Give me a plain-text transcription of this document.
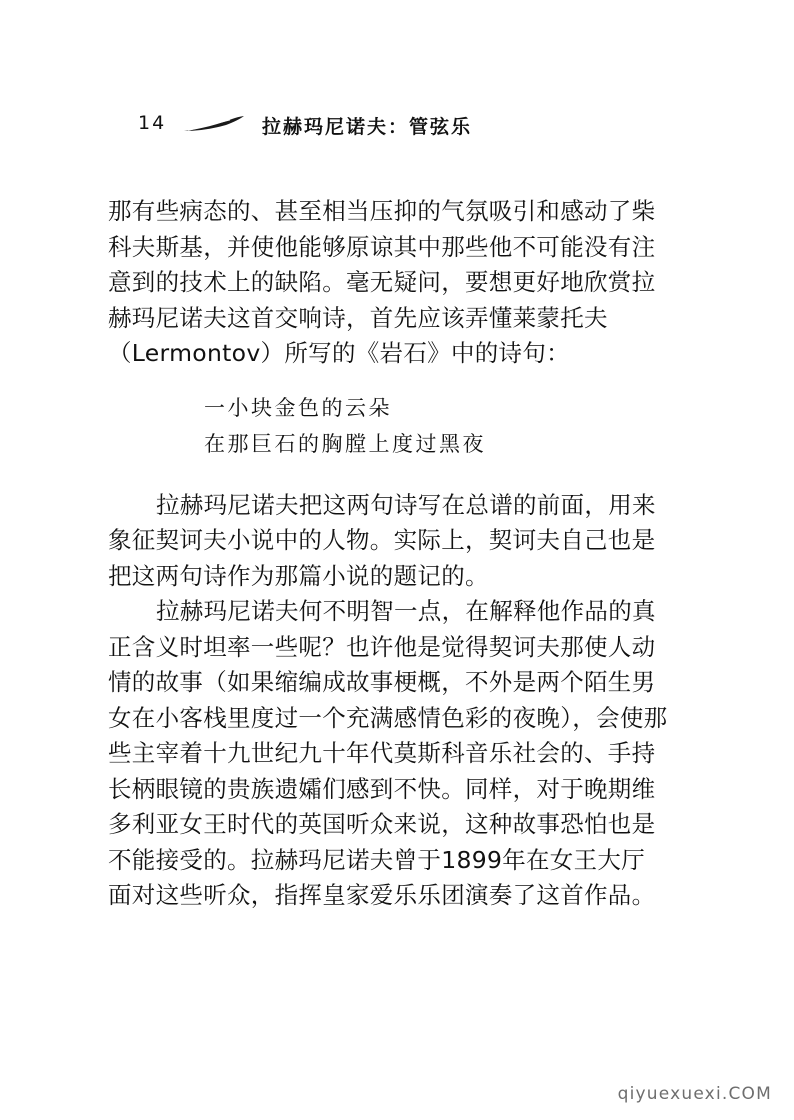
14	拉赫玛尼诺夫：管弦乐

那有些病态的、甚至相当压抑的气氛吸引和感动了柴科夫斯基，并使他能够原谅其中那些他不可能没有注意到的技术上的缺陷。毫无疑问，要想更好地欣赏拉赫玛尼诺夫这首交响诗，首先应该弄懂莱蒙托夫（Lermontov）所写的《岩石》中的诗句：

一小块金色的云朵
在那巨石的胸膛上度过黑夜

拉赫玛尼诺夫把这两句诗写在总谱的前面，用来象征契诃夫小说中的人物。实际上，契诃夫自己也是把这两句诗作为那篇小说的题记的。

拉赫玛尼诺夫何不明智一点，在解释他作品的真正含义时坦率一些呢？也许他是觉得契诃夫那使人动情的故事（如果缩编成故事梗概，不外是两个陌生男女在小客栈里度过一个充满感情色彩的夜晚），会使那些主宰着十九世纪九十年代莫斯科音乐社会的、手持长柄眼镜的贵族遗孀们感到不快。同样，对于晚期维多利亚女王时代的英国听众来说，这种故事恐怕也是不能接受的。拉赫玛尼诺夫曾于1899年在女王大厅面对这些听众，指挥皇家爱乐乐团演奏了这首作品。

qiyuexuexi.COM
